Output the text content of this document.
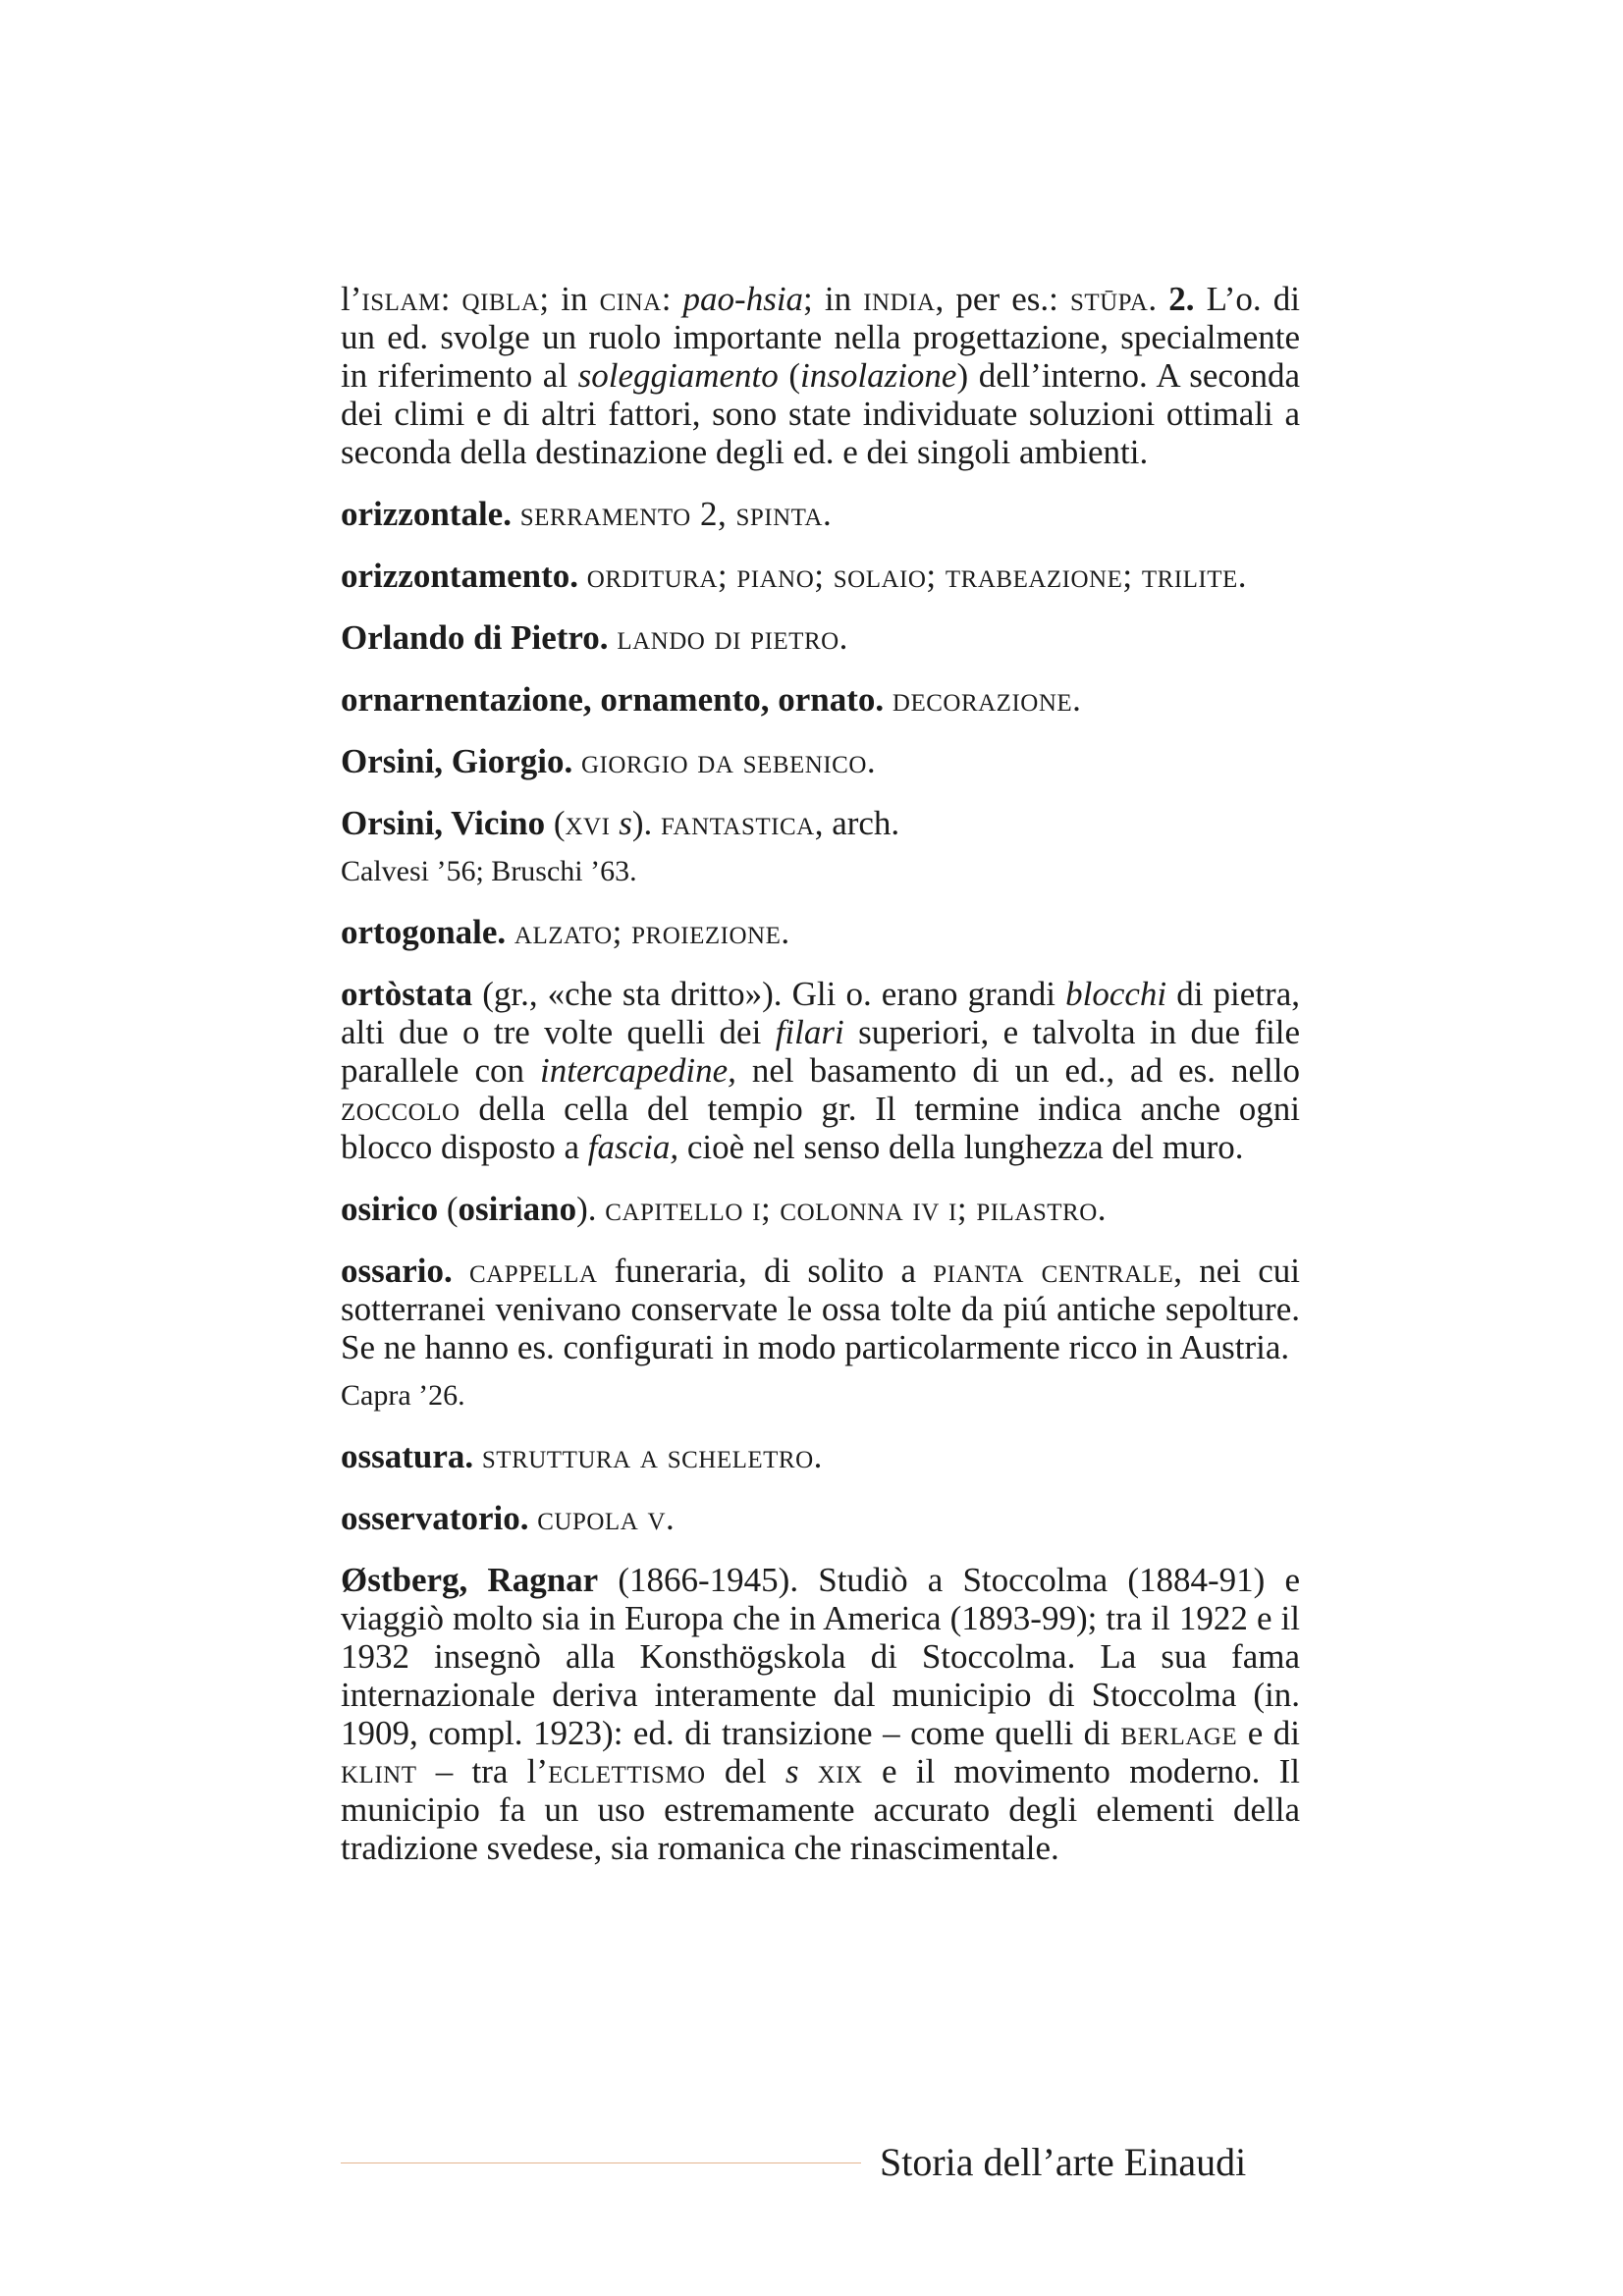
l’islam: qibla; in cina: pao-hsia; in india, per es.: stūpa. 2. L’o. di un ed. svolge un ruolo importante nella progettazione, specialmente in riferimento al soleggiamento (insolazione) dell’interno. A seconda dei climi e di altri fattori, sono state individuate soluzioni ottimali a seconda della destinazione degli ed. e dei singoli ambienti.

orizzontale. serramento 2, spinta.

orizzontamento. orditura; piano; solaio; trabeazione; trilite.

Orlando di Pietro. lando di pietro.

ornarnentazione, ornamento, ornato. decorazione.

Orsini, Giorgio. giorgio da sebenico.

Orsini, Vicino (xvi s). fantastica, arch.

Calvesi ’56; Bruschi ’63.

ortogonale. alzato; proiezione.

ortòstata (gr., «che sta dritto»). Gli o. erano grandi blocchi di pietra, alti due o tre volte quelli dei filari superiori, e talvolta in due file parallele con intercapedine, nel basamento di un ed., ad es. nello zoccolo della cella del tempio gr. Il termine indica anche ogni blocco disposto a fascia, cioè nel senso della lunghezza del muro.

osirico (osiriano). capitello i; colonna iv i; pilastro.

ossario. cappella funeraria, di solito a pianta centrale, nei cui sotterranei venivano conservate le ossa tolte da piú antiche sepolture. Se ne hanno es. configurati in modo particolarmente ricco in Austria.

Capra ’26.

ossatura. struttura a scheletro.

osservatorio. cupola v.

Østberg, Ragnar (1866-1945). Studiò a Stoccolma (1884-91) e viaggiò molto sia in Europa che in America (1893-99); tra il 1922 e il 1932 insegnò alla Konsthögskola di Stoccolma. La sua fama internazionale deriva interamente dal municipio di Stoccolma (in. 1909, compl. 1923): ed. di transizione – come quelli di berlage e di klint – tra l’eclettismo del s xix e il movimento moderno. Il municipio fa un uso estremamente accurato degli elementi della tradizione svedese, sia romanica che rinascimentale.

Storia dell’arte Einaudi
